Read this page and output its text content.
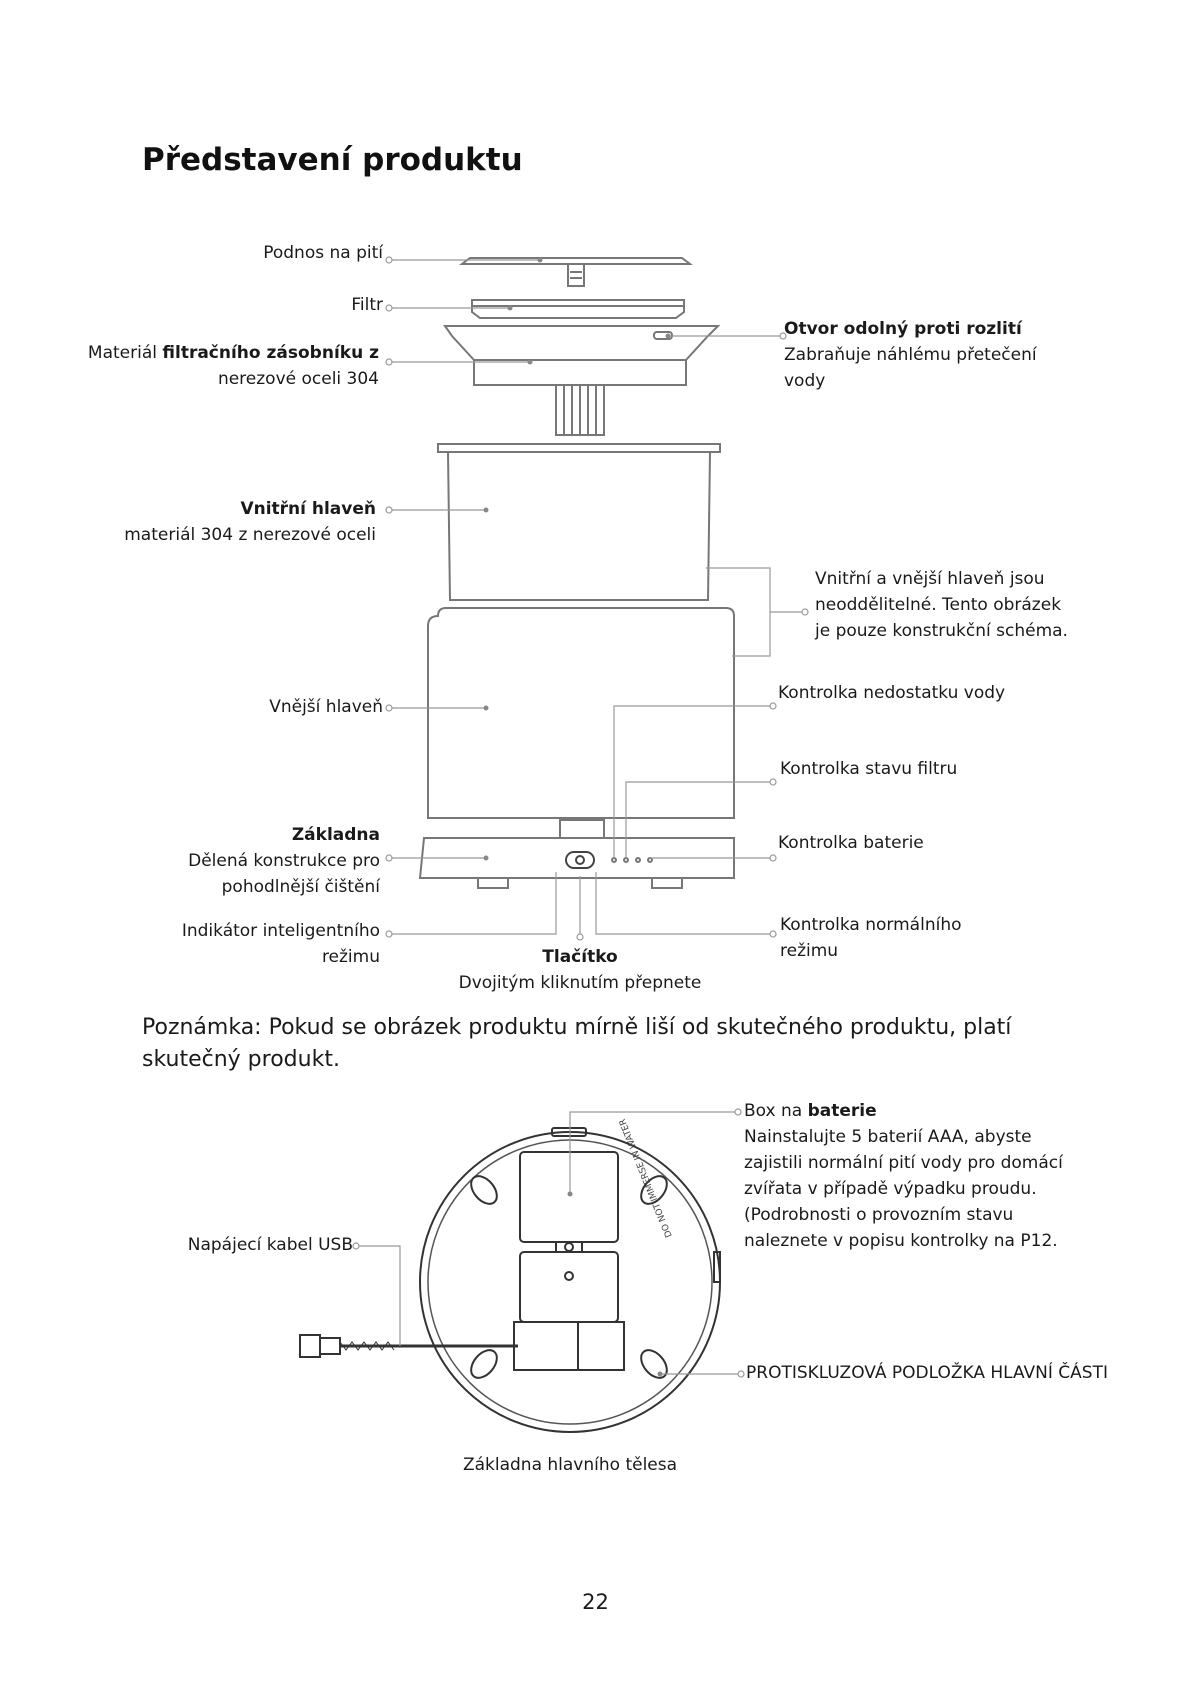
Představení produktu
Podnos na pití
Filtr
Materiál filtračního zásobníku z
nerezové oceli 304
Otvor odolný proti rozlití
Zabraňuje náhlému přetečení
vody
Vnitřní hlaveň
materiál 304 z nerezové oceli
Vnitřní a vnější hlaveň jsou
neoddělitelné. Tento obrázek
je pouze konstrukční schéma.
Vnější hlaveň
Kontrolka nedostatku vody
Kontrolka stavu filtru
Základna
Dělená konstrukce pro
pohodlnější čištění
Kontrolka baterie
Indikátor inteligentního
režimu	Tlačítko
Dvojitým kliknutím přepnete
Kontrolka normálního
režimu

Poznámka: Pokud se obrázek produktu mírně liší od skutečného produktu, platí skutečný produkt.

DO NOT IMMERSE IN WATER
Napájecí kabel USB
Box na baterie
Nainstalujte 5 baterií AAA, abyste
zajistili normální pití vody pro domácí
zvířata v případě výpadku proudu.
(Podrobnosti o provozním stavu
naleznete v popisu kontrolky na P12.
PROTISKLUZOVÁ PODLOŽKA HLAVNÍ ČÁSTI
Základna hlavního tělesa
22
